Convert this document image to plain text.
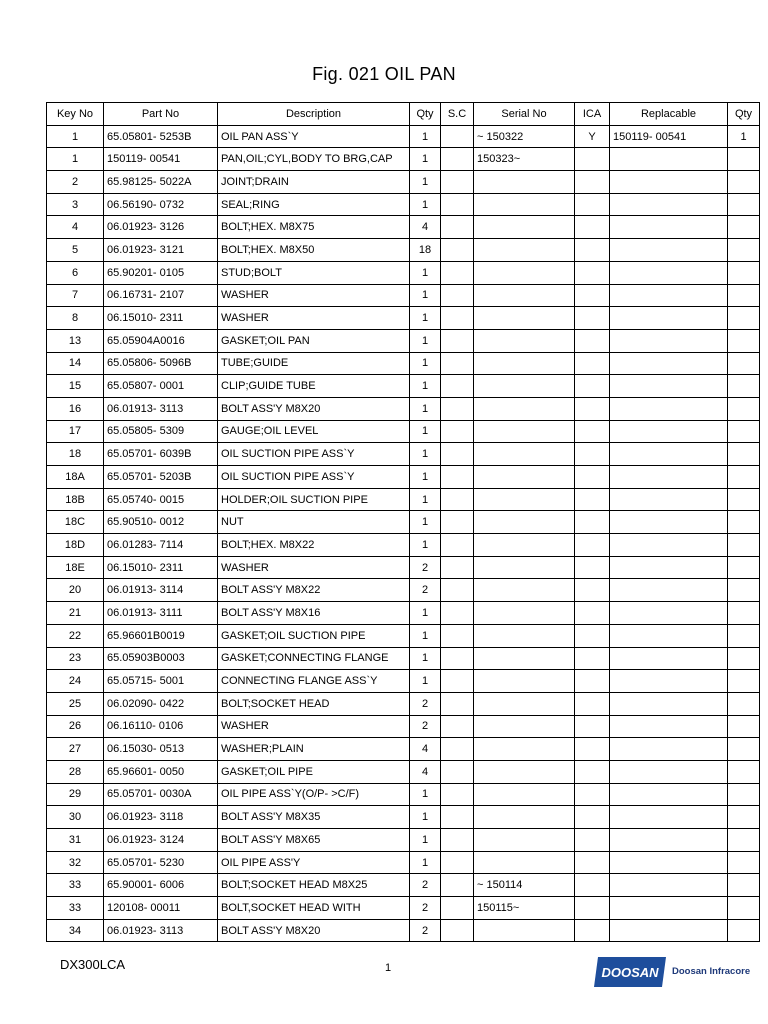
Fig. 021 OIL PAN
Key No	Part No	Description	Qty	S.C	Serial No	ICA	Replacable	Qty
1	65.05801- 5253B	OIL PAN ASS`Y	1		~ 150322	Y	150119- 00541	1
1	150119- 00541	PAN,OIL;CYL,BODY TO BRG,CAP	1		150323~			
2	65.98125- 5022A	JOINT;DRAIN	1					
3	06.56190- 0732	SEAL;RING	1					
4	06.01923- 3126	BOLT;HEX. M8X75	4					
5	06.01923- 3121	BOLT;HEX. M8X50	18					
6	65.90201- 0105	STUD;BOLT	1					
7	06.16731- 2107	WASHER	1					
8	06.15010- 2311	WASHER	1					
13	65.05904A0016	GASKET;OIL PAN	1					
14	65.05806- 5096B	TUBE;GUIDE	1					
15	65.05807- 0001	CLIP;GUIDE TUBE	1					
16	06.01913- 3113	BOLT ASS'Y M8X20	1					
17	65.05805- 5309	GAUGE;OIL LEVEL	1					
18	65.05701- 6039B	OIL SUCTION PIPE ASS`Y	1					
18A	65.05701- 5203B	OIL SUCTION PIPE ASS`Y	1					
18B	65.05740- 0015	HOLDER;OIL SUCTION PIPE	1					
18C	65.90510- 0012	NUT	1					
18D	06.01283- 7114	BOLT;HEX. M8X22	1					
18E	06.15010- 2311	WASHER	2					
20	06.01913- 3114	BOLT ASS'Y M8X22	2					
21	06.01913- 3111	BOLT ASS'Y M8X16	1					
22	65.96601B0019	GASKET;OIL SUCTION PIPE	1					
23	65.05903B0003	GASKET;CONNECTING FLANGE	1					
24	65.05715- 5001	CONNECTING FLANGE ASS`Y	1					
25	06.02090- 0422	BOLT;SOCKET HEAD	2					
26	06.16110- 0106	WASHER	2					
27	06.15030- 0513	WASHER;PLAIN	4					
28	65.96601- 0050	GASKET;OIL PIPE	4					
29	65.05701- 0030A	OIL PIPE ASS`Y(O/P- >C/F)	1					
30	06.01923- 3118	BOLT ASS'Y M8X35	1					
31	06.01923- 3124	BOLT ASS'Y M8X65	1					
32	65.05701- 5230	OIL PIPE ASS'Y	1					
33	65.90001- 6006	BOLT;SOCKET HEAD M8X25	2		~ 150114			
33	120108- 00011	BOLT,SOCKET HEAD WITH	2		150115~			
34	06.01923- 3113	BOLT ASS'Y M8X20	2					
DX300LCA	1	DOOSAN Doosan Infracore
